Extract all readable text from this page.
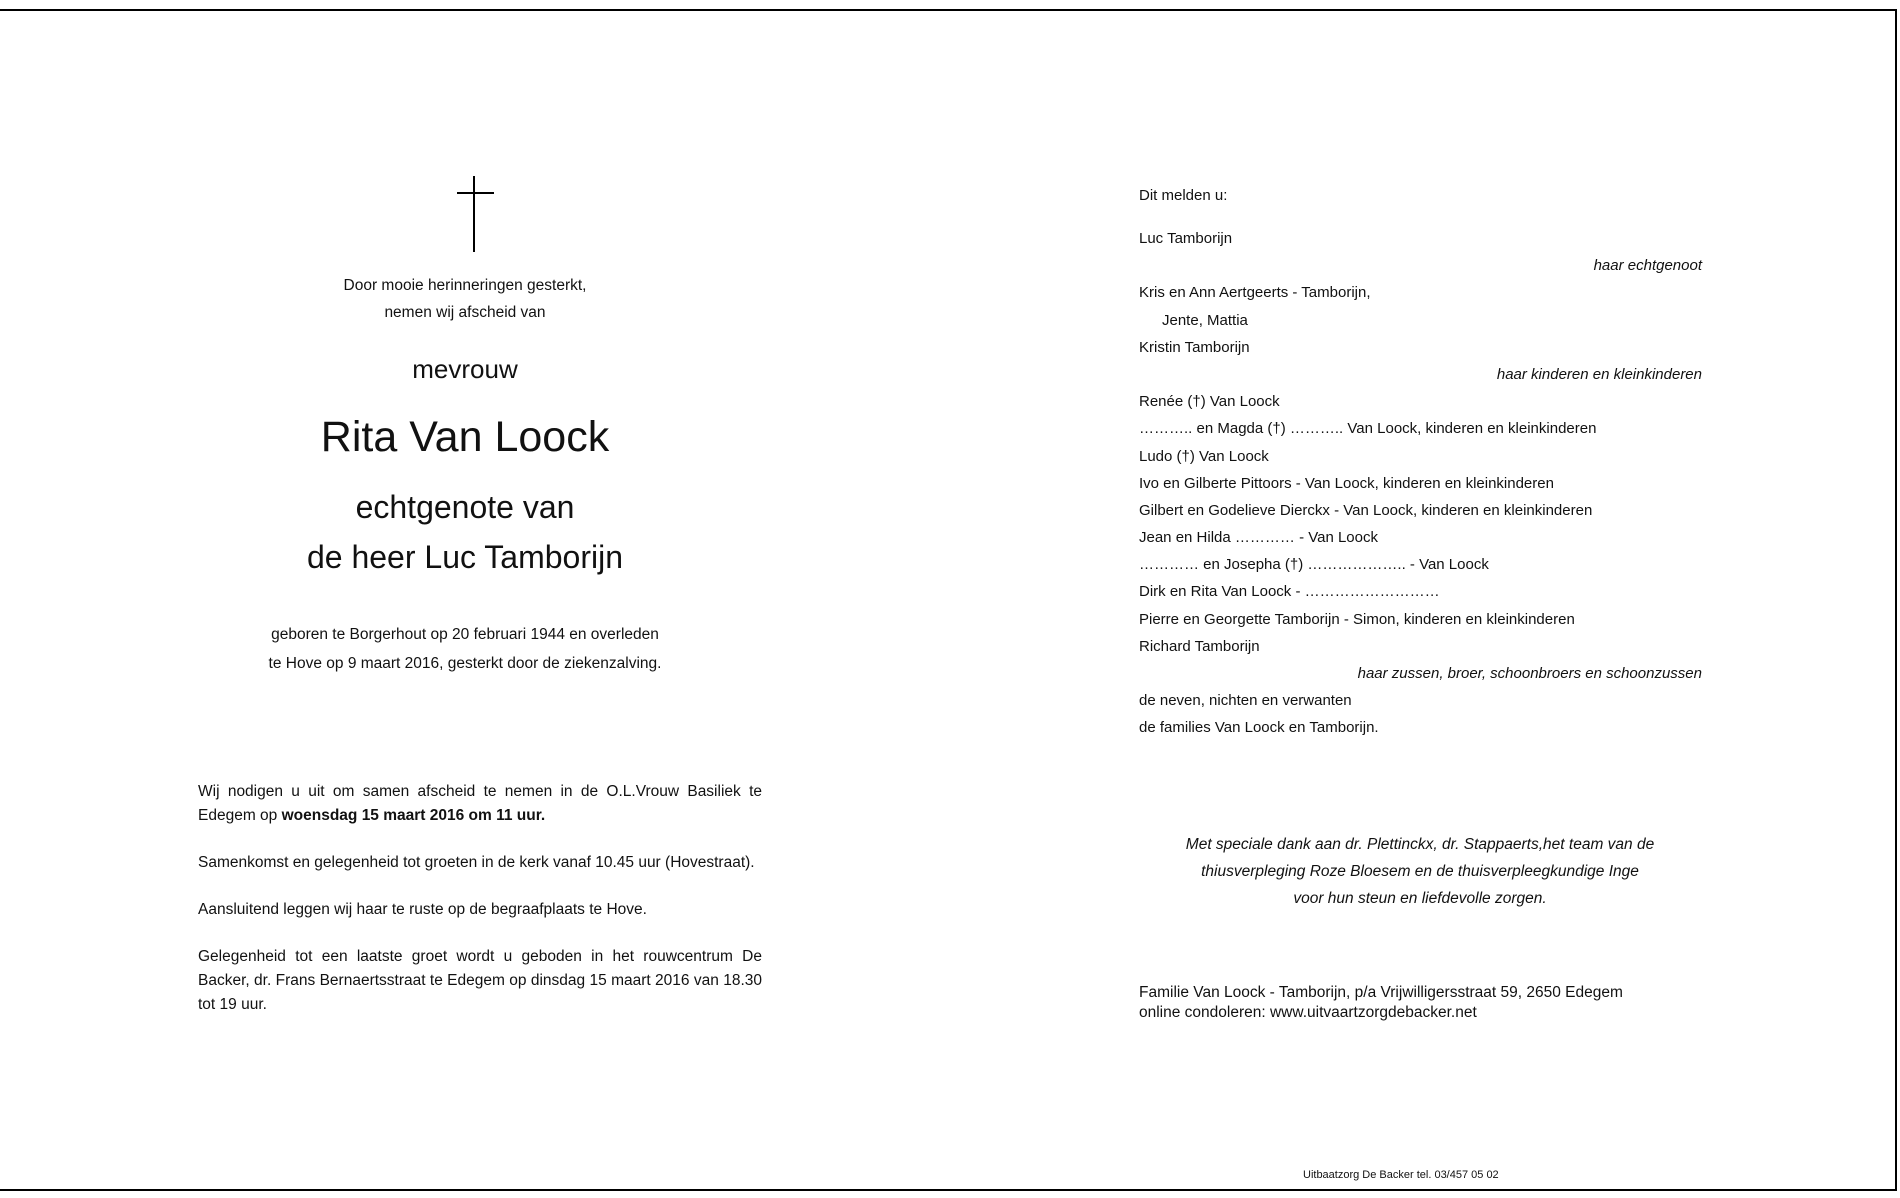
Door mooie herinneringen gesterkt,
nemen wij afscheid van
mevrouw
Rita Van Loock
echtgenote van
de heer Luc Tamborijn
geboren te Borgerhout op 20 februari 1944 en overleden
te Hove op 9 maart 2016, gesterkt door de ziekenzalving.

Wij nodigen u uit om samen afscheid te nemen in de O.L.Vrouw Basiliek te Edegem op woensdag 15 maart 2016 om 11 uur.

Samenkomst en gelegenheid tot groeten in de kerk vanaf 10.45 uur (Hovestraat).

Aansluitend leggen wij haar te ruste op de begraafplaats te Hove.

Gelegenheid tot een laatste groet wordt u geboden in het rouwcentrum De Backer, dr. Frans Bernaertsstraat te Edegem op dinsdag 15 maart 2016 van 18.30 tot 19 uur.

Dit melden u:
Luc Tamborijn
haar echtgenoot
Kris en Ann Aertgeerts - Tamborijn,
Jente, Mattia
Kristin Tamborijn
haar kinderen en kleinkinderen
Renée (†) Van Loock
……….. en Magda (†) ……….. Van Loock, kinderen en kleinkinderen
Ludo (†) Van Loock
Ivo en Gilberte Pittoors - Van Loock, kinderen en kleinkinderen
Gilbert en Godelieve Dierckx - Van Loock, kinderen en kleinkinderen
Jean en Hilda ………… - Van Loock
………… en Josepha (†) ……………….. - Van Loock
Dirk en Rita Van Loock - ………………………
Pierre en Georgette Tamborijn - Simon, kinderen en kleinkinderen
Richard Tamborijn
haar zussen, broer, schoonbroers en schoonzussen
de neven, nichten en verwanten
de families Van Loock en Tamborijn.
Met speciale dank aan dr. Plettinckx, dr. Stappaerts,het team van de
thiusverpleging Roze Bloesem en de thuisverpleegkundige Inge
voor hun steun en liefdevolle zorgen.
Familie Van Loock - Tamborijn, p/a Vrijwilligersstraat 59, 2650 Edegem
online condoleren: www.uitvaartzorgdebacker.net
Uitbaatzorg De Backer tel. 03/457 05 02
